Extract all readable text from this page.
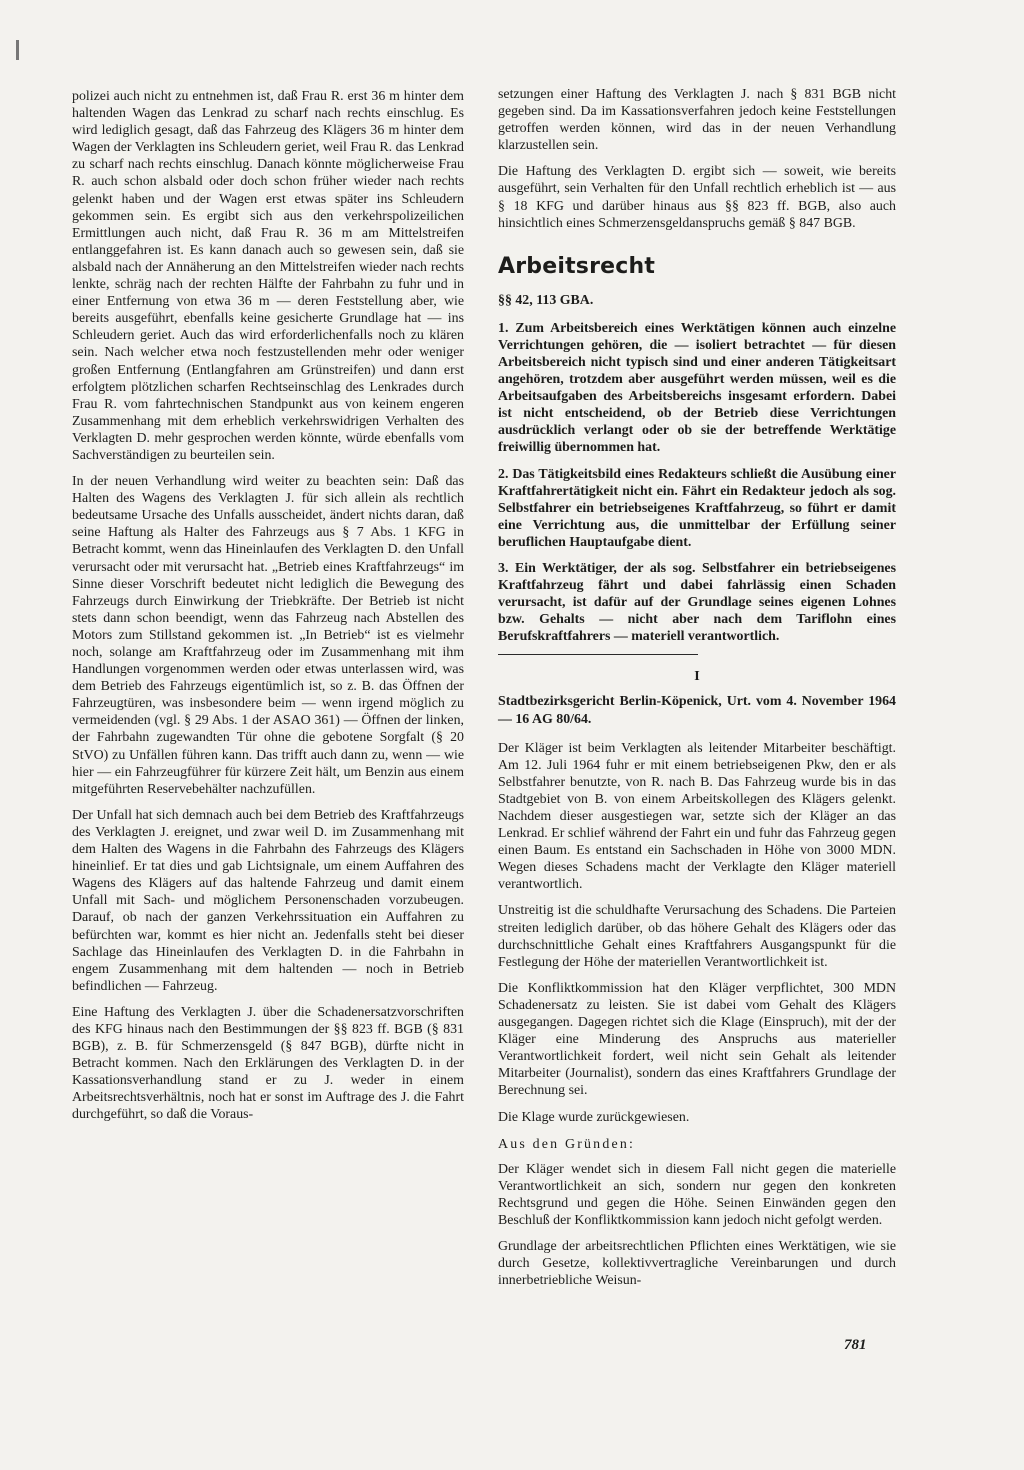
polizei auch nicht zu entnehmen ist, daß Frau R. erst 36 m hinter dem haltenden Wagen das Lenkrad zu scharf nach rechts einschlug. Es wird lediglich gesagt, daß das Fahrzeug des Klägers 36 m hinter dem Wagen der Verklagten ins Schleudern geriet, weil Frau R. das Lenkrad zu scharf nach rechts einschlug. Danach könnte möglicherweise Frau R. auch schon alsbald oder doch schon früher wieder nach rechts gelenkt haben und der Wagen erst etwas später ins Schleudern gekommen sein. Es ergibt sich aus den verkehrspolizeilichen Ermittlungen auch nicht, daß Frau R. 36 m am Mittelstreifen entlanggefahren ist. Es kann danach auch so gewesen sein, daß sie alsbald nach der Annäherung an den Mittelstreifen wieder nach rechts lenkte, schräg nach der rechten Hälfte der Fahrbahn zu fuhr und in einer Entfernung von etwa 36 m — deren Feststellung aber, wie bereits ausgeführt, ebenfalls keine gesicherte Grundlage hat — ins Schleudern geriet. Auch das wird erforderlichenfalls noch zu klären sein. Nach welcher etwa noch festzustellenden mehr oder weniger großen Entfernung (Entlangfahren am Grünstreifen) und dann erst erfolgtem plötzlichen scharfen Rechtseinschlag des Lenkrades durch Frau R. vom fahrtechnischen Standpunkt aus von keinem engeren Zusammenhang mit dem erheblich verkehrswidrigen Verhalten des Verklagten D. mehr gesprochen werden könnte, würde ebenfalls vom Sachverständigen zu beurteilen sein.

In der neuen Verhandlung wird weiter zu beachten sein: Daß das Halten des Wagens des Verklagten J. für sich allein als rechtlich bedeutsame Ursache des Unfalls ausscheidet, ändert nichts daran, daß seine Haftung als Halter des Fahrzeugs aus § 7 Abs. 1 KFG in Betracht kommt, wenn das Hineinlaufen des Verklagten D. den Unfall verursacht oder mit verursacht hat. „Betrieb eines Kraftfahrzeugs“ im Sinne dieser Vorschrift bedeutet nicht lediglich die Bewegung des Fahrzeugs durch Einwirkung der Triebkräfte. Der Betrieb ist nicht stets dann schon beendigt, wenn das Fahrzeug nach Abstellen des Motors zum Stillstand gekommen ist. „In Betrieb“ ist es vielmehr noch, solange am Kraftfahrzeug oder im Zusammenhang mit ihm Handlungen vorgenommen werden oder etwas unterlassen wird, was dem Betrieb des Fahrzeugs eigentümlich ist, so z. B. das Öffnen der Fahrzeugtüren, was insbesondere beim — wenn irgend möglich zu vermeidenden (vgl. § 29 Abs. 1 der ASAO 361) — Öffnen der linken, der Fahrbahn zugewandten Tür ohne die gebotene Sorgfalt (§ 20 StVO) zu Unfällen führen kann. Das trifft auch dann zu, wenn — wie hier — ein Fahrzeugführer für kürzere Zeit hält, um Benzin aus einem mitgeführten Reservebehälter nachzufüllen.

Der Unfall hat sich demnach auch bei dem Betrieb des Kraftfahrzeugs des Verklagten J. ereignet, und zwar weil D. im Zusammenhang mit dem Halten des Wagens in die Fahrbahn des Fahrzeugs des Klägers hineinlief. Er tat dies und gab Lichtsignale, um einem Auffahren des Wagens des Klägers auf das haltende Fahrzeug und damit einem Unfall mit Sach- und möglichem Personenschaden vorzubeugen. Darauf, ob nach der ganzen Verkehrssituation ein Auffahren zu befürchten war, kommt es hier nicht an. Jedenfalls steht bei dieser Sachlage das Hineinlaufen des Verklagten D. in die Fahrbahn in engem Zusammenhang mit dem haltenden — noch in Betrieb befindlichen — Fahrzeug.

Eine Haftung des Verklagten J. über die Schadenersatzvorschriften des KFG hinaus nach den Bestimmungen der §§ 823 ff. BGB (§ 831 BGB), z. B. für Schmerzensgeld (§ 847 BGB), dürfte nicht in Betracht kommen. Nach den Erklärungen des Verklagten D. in der Kassationsverhandlung stand er zu J. weder in einem Arbeitsrechtsverhältnis, noch hat er sonst im Auftrage des J. die Fahrt durchgeführt, so daß die Voraus-

setzungen einer Haftung des Verklagten J. nach § 831 BGB nicht gegeben sind. Da im Kassationsverfahren jedoch keine Feststellungen getroffen werden können, wird das in der neuen Verhandlung klarzustellen sein.

Die Haftung des Verklagten D. ergibt sich — soweit, wie bereits ausgeführt, sein Verhalten für den Unfall rechtlich erheblich ist — aus § 18 KFG und darüber hinaus aus §§ 823 ff. BGB, also auch hinsichtlich eines Schmerzensgeldanspruchs gemäß § 847 BGB.

Arbeitsrecht
§§ 42, 113 GBA.

1. Zum Arbeitsbereich eines Werktätigen können auch einzelne Verrichtungen gehören, die — isoliert betrachtet — für diesen Arbeitsbereich nicht typisch sind und einer anderen Tätigkeitsart angehören, trotzdem aber ausgeführt werden müssen, weil es die Arbeitsaufgaben des Arbeitsbereichs insgesamt erfordern. Dabei ist nicht entscheidend, ob der Betrieb diese Verrichtungen ausdrücklich verlangt oder ob sie der betreffende Werktätige freiwillig übernommen hat.

2. Das Tätigkeitsbild eines Redakteurs schließt die Ausübung einer Kraftfahrertätigkeit nicht ein. Fährt ein Redakteur jedoch als sog. Selbstfahrer ein betriebseigenes Kraftfahrzeug, so führt er damit eine Verrichtung aus, die unmittelbar der Erfüllung seiner beruflichen Hauptaufgabe dient.

3. Ein Werktätiger, der als sog. Selbstfahrer ein betriebseigenes Kraftfahrzeug fährt und dabei fahrlässig einen Schaden verursacht, ist dafür auf der Grundlage seines eigenen Lohnes bzw. Gehalts — nicht aber nach dem Tariflohn eines Berufskraftfahrers — materiell verantwortlich.

I

Stadtbezirksgericht Berlin-Köpenick, Urt. vom 4. November 1964 — 16 AG 80/64.

Der Kläger ist beim Verklagten als leitender Mitarbeiter beschäftigt. Am 12. Juli 1964 fuhr er mit einem betriebseigenen Pkw, den er als Selbstfahrer benutzte, von R. nach B. Das Fahrzeug wurde bis in das Stadtgebiet von B. von einem Arbeitskollegen des Klägers gelenkt. Nachdem dieser ausgestiegen war, setzte sich der Kläger an das Lenkrad. Er schlief während der Fahrt ein und fuhr das Fahrzeug gegen einen Baum. Es entstand ein Sachschaden in Höhe von 3000 MDN. Wegen dieses Schadens macht der Verklagte den Kläger materiell verantwortlich.

Unstreitig ist die schuldhafte Verursachung des Schadens. Die Parteien streiten lediglich darüber, ob das höhere Gehalt des Klägers oder das durchschnittliche Gehalt eines Kraftfahrers Ausgangspunkt für die Festlegung der Höhe der materiellen Verantwortlichkeit ist.

Die Konfliktkommission hat den Kläger verpflichtet, 300 MDN Schadenersatz zu leisten. Sie ist dabei vom Gehalt des Klägers ausgegangen. Dagegen richtet sich die Klage (Einspruch), mit der der Kläger eine Minderung des Anspruchs aus materieller Verantwortlichkeit fordert, weil nicht sein Gehalt als leitender Mitarbeiter (Journalist), sondern das eines Kraftfahrers Grundlage der Berechnung sei.

Die Klage wurde zurückgewiesen.

Aus den Gründen:

Der Kläger wendet sich in diesem Fall nicht gegen die materielle Verantwortlichkeit an sich, sondern nur gegen den konkreten Rechtsgrund und gegen die Höhe. Seinen Einwänden gegen den Beschluß der Konfliktkommission kann jedoch nicht gefolgt werden.

Grundlage der arbeitsrechtlichen Pflichten eines Werktätigen, wie sie durch Gesetze, kollektivvertragliche Vereinbarungen und durch innerbetriebliche Weisun-

781
